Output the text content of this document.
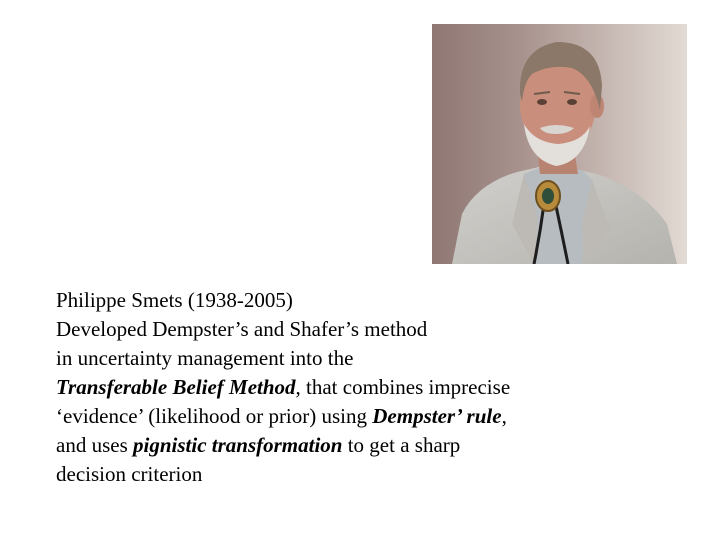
Philippe Smets (1938-2005)
Developed Dempster’s and Shafer’s method
in uncertainty management into the
Transferable Belief Method, that combines imprecise
‘evidence’ (likelihood or prior) using Dempster’ rule,
and uses pignistic transformation to get a sharp
decision criterion
